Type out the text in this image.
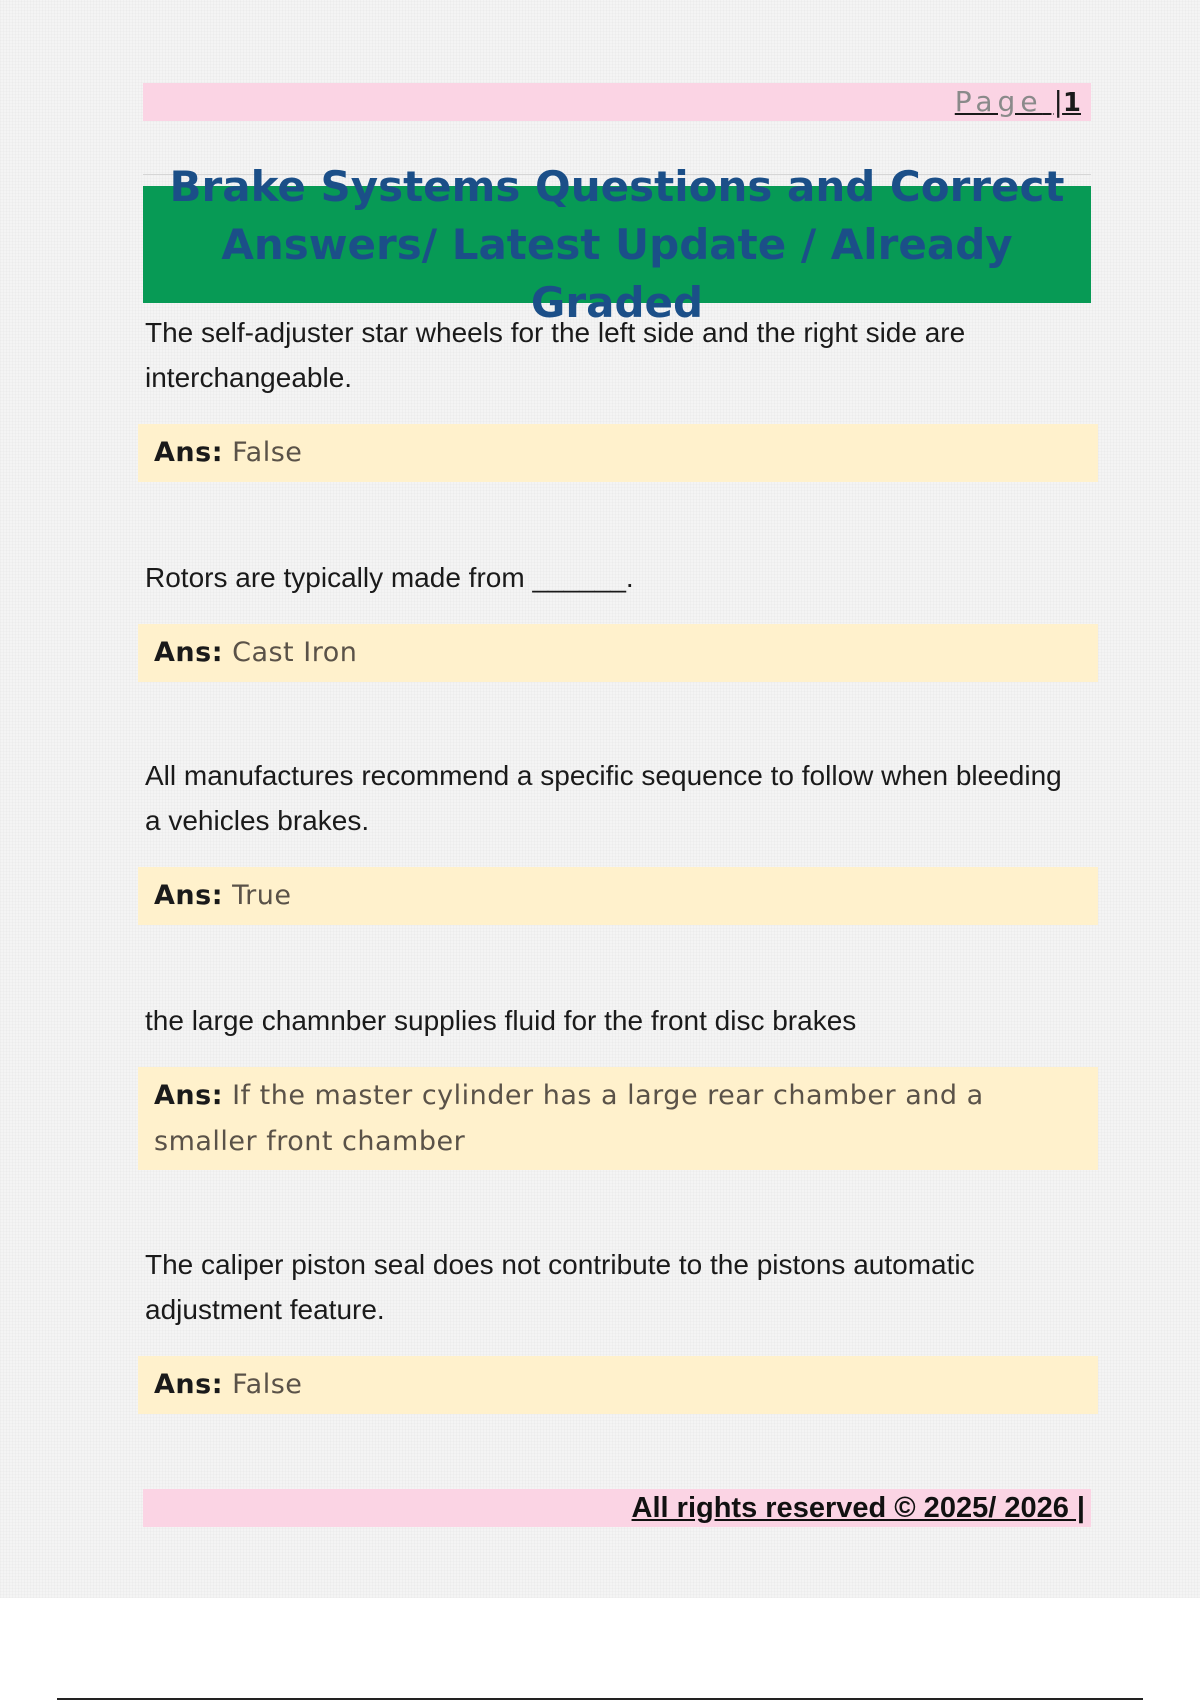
Page |1
Brake Systems Questions and Correct Answers/ Latest Update / Already Graded
The self-adjuster star wheels for the left side and the right side are interchangeable.
Ans: False
Rotors are typically made from ______.
Ans: Cast Iron
All manufactures recommend a specific sequence to follow when bleeding a vehicles brakes.
Ans: True
the large chamnber supplies fluid for the front disc brakes
Ans: If the master cylinder has a large rear chamber and a smaller front chamber
The caliper piston seal does not contribute to the pistons automatic adjustment feature.
Ans: False
All rights reserved © 2025/ 2026 |
